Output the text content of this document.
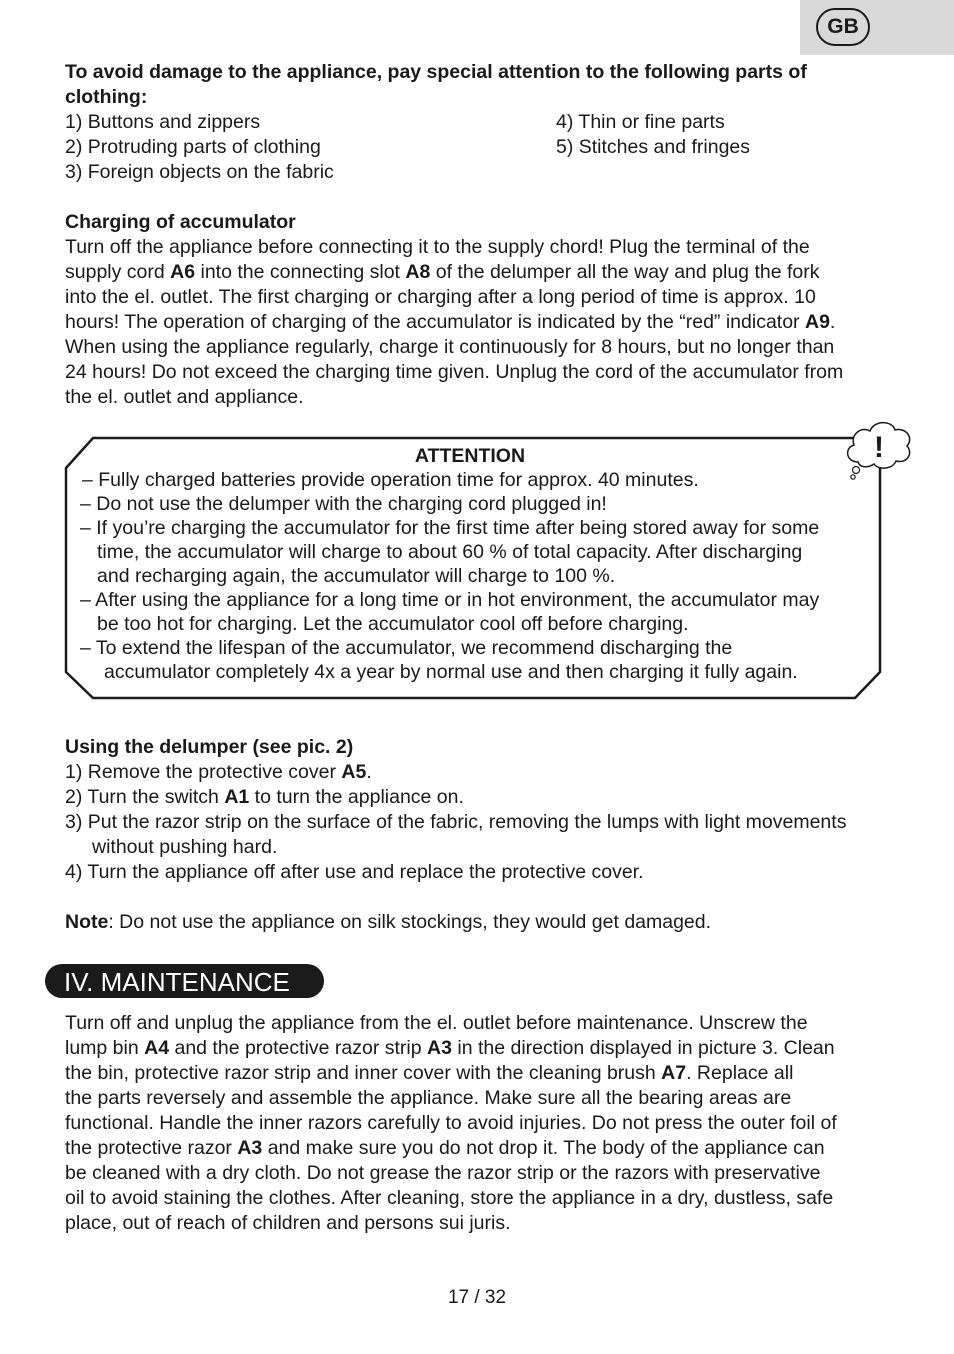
GB
To avoid damage to the appliance, pay special attention to the following parts of
clothing:
1) Buttons and zippers
2) Protruding parts of clothing
3) Foreign objects on the fabric
4) Thin or fine parts
5) Stitches and fringes
Charging of accumulator
Turn off the appliance before connecting it to the supply chord! Plug the terminal of the
supply cord A6 into the connecting slot A8 of the delumper all the way and plug the fork
into the el. outlet. The first charging or charging after a long period of time is approx. 10
hours! The operation of charging of the accumulator is indicated by the “red” indicator A9.
When using the appliance regularly, charge it continuously for 8 hours, but no longer than
24 hours! Do not exceed the charging time given. Unplug the cord of the accumulator from
the el. outlet and appliance.
!
ATTENTION
– Fully charged batteries provide operation time for approx. 40 minutes.
– Do not use the delumper with the charging cord plugged in!
– If you’re charging the accumulator for the first time after being stored away for some
time, the accumulator will charge to about 60 % of total capacity. After discharging
and recharging again, the accumulator will charge to 100 %.
– After using the appliance for a long time or in hot environment, the accumulator may
be too hot for charging. Let the accumulator cool off before charging.
– To extend the lifespan of the accumulator, we recommend discharging the
accumulator completely 4x a year by normal use and then charging it fully again.
Using the delumper (see pic. 2)
1) Remove the protective cover A5.
2) Turn the switch A1 to turn the appliance on.
3) Put the razor strip on the surface of the fabric, removing the lumps with light movements
without pushing hard.
4) Turn the appliance off after use and replace the protective cover.
Note: Do not use the appliance on silk stockings, they would get damaged.
IV. MAINTENANCE
Turn off and unplug the appliance from the el. outlet before maintenance. Unscrew the
lump bin A4 and the protective razor strip A3 in the direction displayed in picture 3. Clean
the bin, protective razor strip and inner cover with the cleaning brush A7. Replace all
the parts reversely and assemble the appliance. Make sure all the bearing areas are
functional. Handle the inner razors carefully to avoid injuries. Do not press the outer foil of
the protective razor A3 and make sure you do not drop it. The body of the appliance can
be cleaned with a dry cloth. Do not grease the razor strip or the razors with preservative
oil to avoid staining the clothes. After cleaning, store the appliance in a dry, dustless, safe
place, out of reach of children and persons sui juris.
17 / 32
